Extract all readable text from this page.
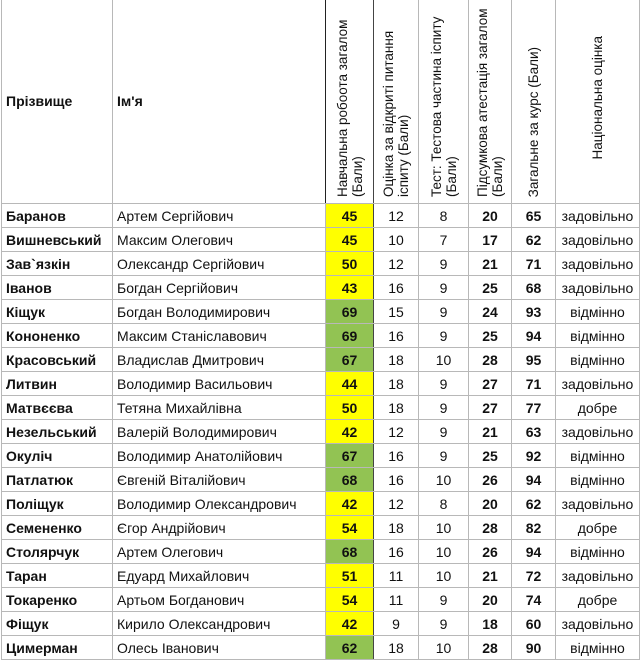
Прізвище	Ім'я	Навчальна робоота загалом (Бали)	Оцінка за відкриті питання іспиту (Бали)	Тест: Тестова частина іспиту (Бали)	Підсумкова атестація загалом (Бали)	Загальне за курс (Бали)	Національна оцінка

Баранов	Артем Сергійович	45	12	8	20	65	задовільно
Вишневський	Максим Олегович	45	10	7	17	62	задовільно
Зав`язкін	Олександр Сергійович	50	12	9	21	71	задовільно
Іванов	Богдан Сергійович	43	16	9	25	68	задовільно
Кіщук	Богдан Володимирович	69	15	9	24	93	відмінно
Кононенко	Максим Станіславович	69	16	9	25	94	відмінно
Красовський	Владислав Дмитрович	67	18	10	28	95	відмінно
Литвин	Володимир Васильович	44	18	9	27	71	задовільно
Матвєєва	Тетяна Михайлівна	50	18	9	27	77	добре
Незельський	Валерій Володимирович	42	12	9	21	63	задовільно
Окуліч	Володимир Анатолійович	67	16	9	25	92	відмінно
Патлатюк	Євгеній Віталійович	68	16	10	26	94	відмінно
Поліщук	Володимир Олександрович	42	12	8	20	62	задовільно
Семененко	Єгор Андрійович	54	18	10	28	82	добре
Столярчук	Артем Олегович	68	16	10	26	94	відмінно
Таран	Едуард Михайлович	51	11	10	21	72	задовільно
Токаренко	Артьом Богданович	54	11	9	20	74	добре
Фіщук	Кирило Олександрович	42	9	9	18	60	задовільно
Цимерман	Олесь Іванович	62	18	10	28	90	відмінно
